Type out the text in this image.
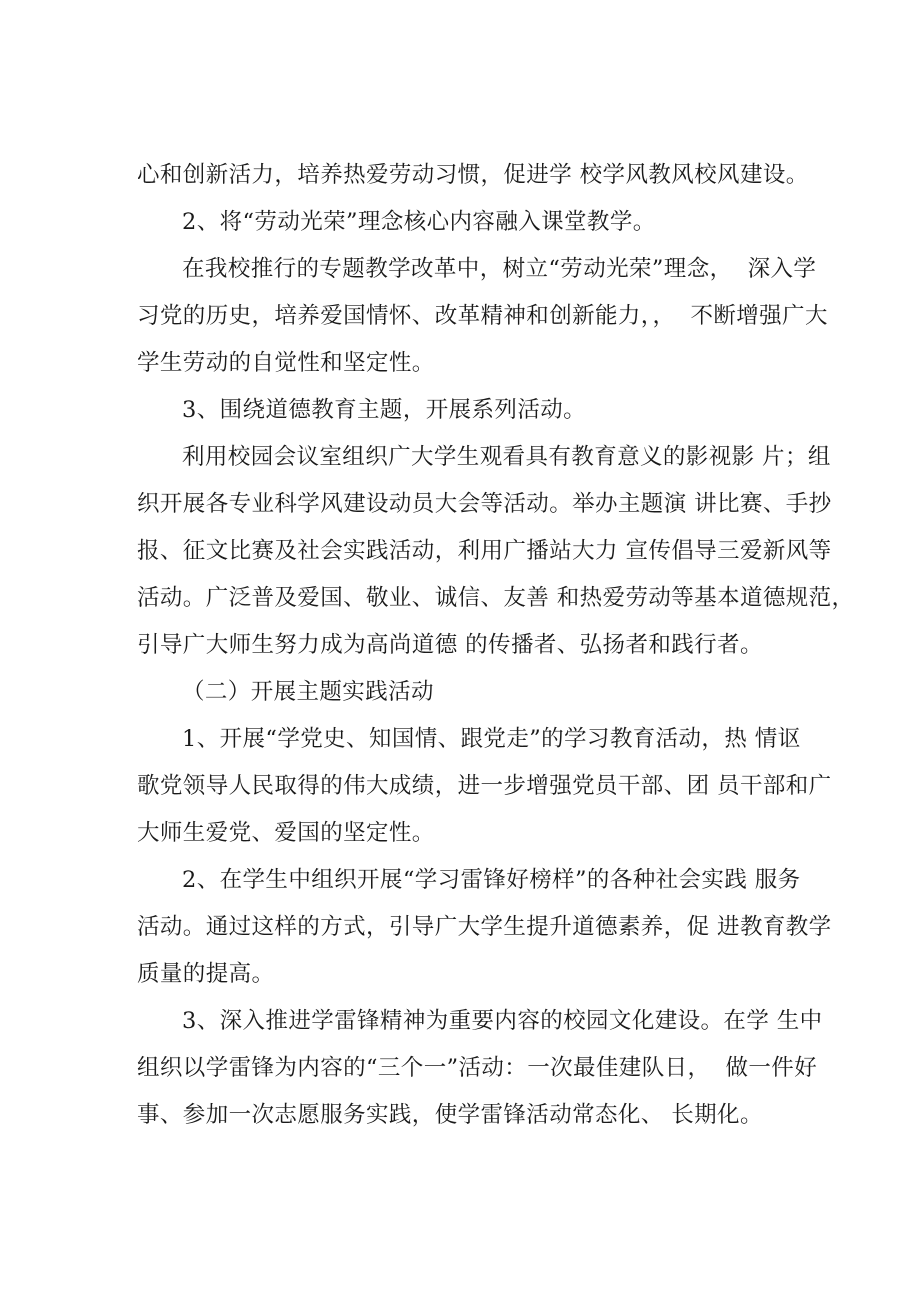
心和创新活力，培养热爱劳动习惯，促进学 校学风教风校风建设。
2、将“劳动光荣”理念核心内容融入课堂教学。
在我校推行的专题教学改革中，树立“劳动光荣”理念，  深入学
习党的历史，培养爱国情怀、改革精神和创新能力，，  不断增强广大
学生劳动的自觉性和坚定性。
3、围绕道德教育主题，开展系列活动。
利用校园会议室组织广大学生观看具有教育意义的影视影 片；组
织开展各专业科学风建设动员大会等活动。举办主题演 讲比赛、手抄
报、征文比赛及社会实践活动，利用广播站大力 宣传倡导三爱新风等
活动。广泛普及爱国、敬业、诚信、友善 和热爱劳动等基本道德规范，
引导广大师生努力成为高尚道德 的传播者、弘扬者和践行者。
（二）开展主题实践活动
1、开展“学党史、知国情、跟党走”的学习教育活动，热 情讴
歌党领导人民取得的伟大成绩，进一步增强党员干部、团 员干部和广
大师生爱党、爱国的坚定性。
2、在学生中组织开展“学习雷锋好榜样”的各种社会实践 服务
活动。通过这样的方式，引导广大学生提升道德素养，促 进教育教学
质量的提高。
3、深入推进学雷锋精神为重要内容的校园文化建设。在学 生中
组织以学雷锋为内容的“三个一”活动：一次最佳建队日，  做一件好
事、参加一次志愿服务实践，使学雷锋活动常态化、 长期化。
